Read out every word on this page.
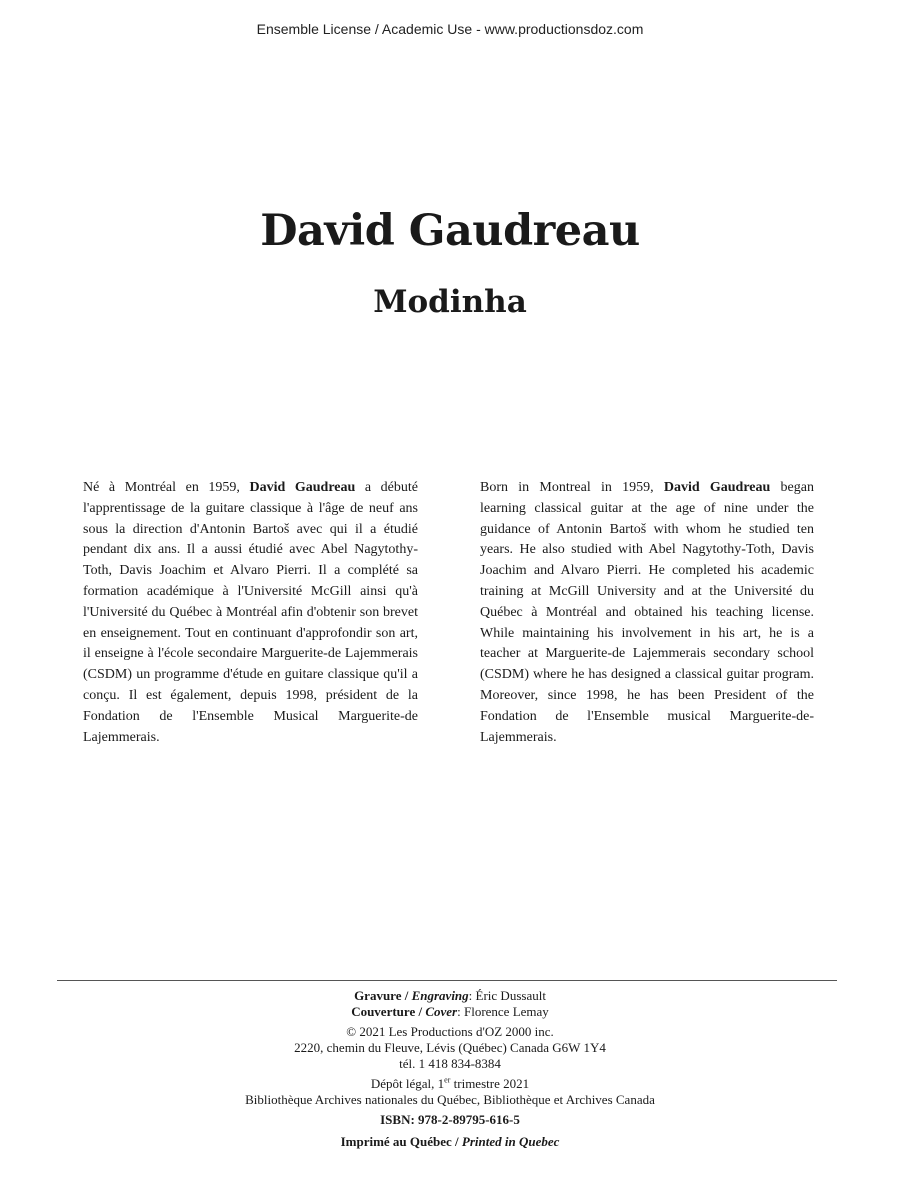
Ensemble License / Academic Use - www.productionsdoz.com
David Gaudreau
Modinha

Né à Montréal en 1959, David Gaudreau a débuté l'apprentissage de la guitare classique à l'âge de neuf ans sous la direction d'Antonin Bartoš avec qui il a étudié pendant dix ans. Il a aussi étudié avec Abel Nagytothy-Toth, Davis Joachim et Alvaro Pierri. Il a complété sa formation académique à l'Université McGill ainsi qu'à l'Université du Québec à Montréal afin d'obtenir son brevet en enseignement. Tout en continuant d'approfondir son art, il enseigne à l'école secondaire Marguerite-de Lajemmerais (CSDM) un programme d'étude en guitare classique qu'il a conçu. Il est également, depuis 1998, président de la Fondation de l'Ensemble Musical Marguerite-de Lajemmerais.

Born in Montreal in 1959, David Gaudreau began learning classical guitar at the age of nine under the guidance of Antonin Bartoš with whom he studied ten years. He also studied with Abel Nagytothy-Toth, Davis Joachim and Alvaro Pierri. He completed his academic training at McGill University and at the Université du Québec à Montréal and obtained his teaching license. While maintaining his involvement in his art, he is a teacher at Marguerite-de Lajemmerais secondary school (CSDM) where he has designed a classical guitar program. Moreover, since 1998, he has been President of the Fondation de l'Ensemble musical Marguerite-de-Lajemmerais.

Gravure / Engraving: Éric Dussault
Couverture / Cover: Florence Lemay
© 2021 Les Productions d'OZ 2000 inc.
2220, chemin du Fleuve, Lévis (Québec) Canada G6W 1Y4
tél. 1 418 834-8384
Dépôt légal, 1er trimestre 2021
Bibliothèque Archives nationales du Québec, Bibliothèque et Archives Canada
ISBN: 978-2-89795-616-5
Imprimé au Québec / Printed in Quebec
